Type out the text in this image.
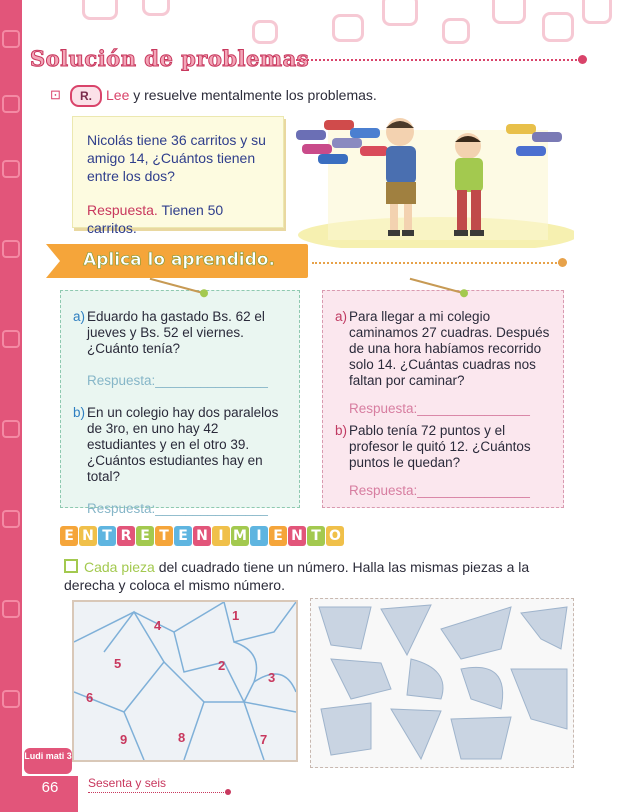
Solución de problemas
⊡	R.	Lee y resuelve mentalmente los problemas.
Nicolás tiene 36 carritos y su amigo 14, ¿Cuántos tienen entre los dos?
Respuesta. Tienen 50 carritos.
Aplica lo aprendido.
a) Eduardo ha gastado Bs. 62 el jueves y Bs. 52 el viernes. ¿Cuánto tenía?
Respuesta:_______________
b) En un colegio hay dos paralelos de 3ro, en uno hay 42 estudiantes y en el otro 39. ¿Cuántos estudiantes hay en total?
Respuesta:_______________
a) Para llegar a mi colegio caminamos 27 cuadras. Después de una hora habíamos recorrido solo 14. ¿Cuántas cuadras nos faltan por caminar?
Respuesta:_______________
b) Pablo tenía 72 puntos y el profesor le quitó 12. ¿Cuántos puntos le quedan?
Respuesta:_______________
E N T R E T E N I M I E N T O
Cada pieza del cuadrado tiene un número. Halla las mismas piezas a la derecha y coloca el mismo número.
1
2
3
4
5
6
7
8
9
Ludi mati 3
66	Sesenta y seis
